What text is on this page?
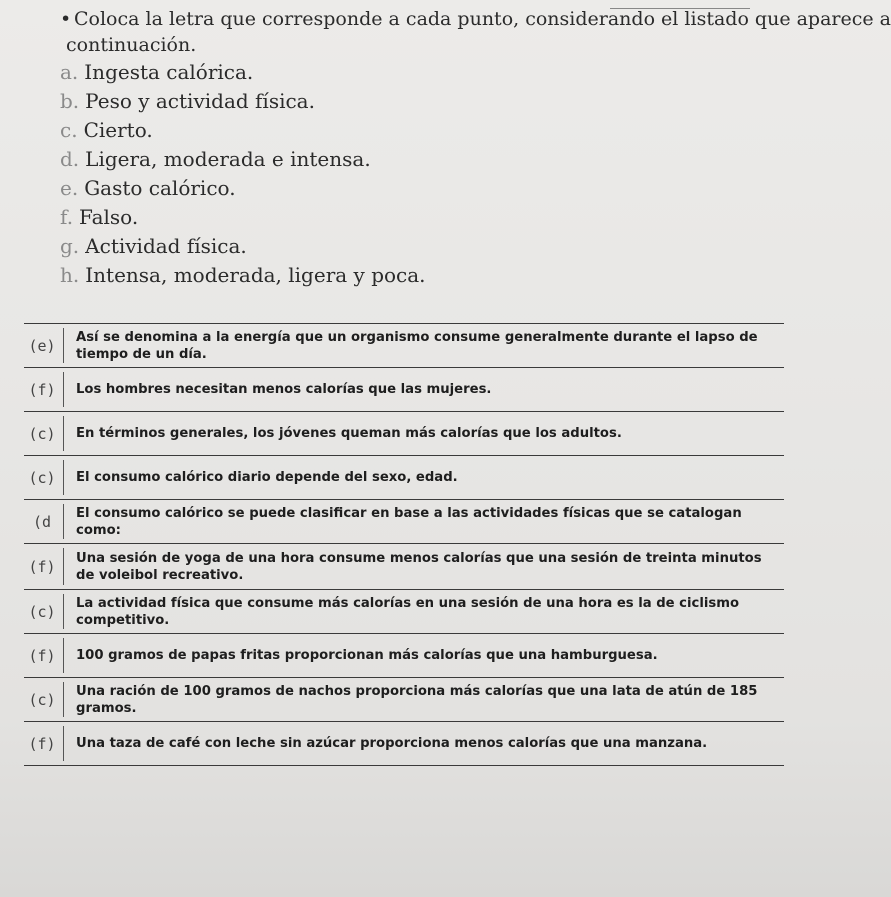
• Coloca la letra que corresponde a cada punto, considerando el listado que aparece a
continuación.
a. Ingesta calórica.
b. Peso y actividad física.
c. Cierto.
d. Ligera, moderada e intensa.
e. Gasto calórico.
f. Falso.
g. Actividad física.
h. Intensa, moderada, ligera y poca.
(e)	Así se denomina a la energía que un organismo consume generalmente durante el lapso de tiempo de un día.
(f)	Los hombres necesitan menos calorías que las mujeres.
(c)	En términos generales, los jóvenes queman más calorías que los adultos.
(c)	El consumo calórico diario depende del sexo, edad.
(d	El consumo calórico se puede clasificar en base a las actividades físicas que se catalogan como:
(f)	Una sesión de yoga de una hora consume menos calorías que una sesión de treinta minutos de voleibol recreativo.
(c)	La actividad física que consume más calorías en una sesión de una hora es la de ciclismo competitivo.
(f)	100 gramos de papas fritas proporcionan más calorías que una hamburguesa.
(c)	Una ración de 100 gramos de nachos proporciona más calorías que una lata de atún de 185 gramos.
(f)	Una taza de café con leche sin azúcar proporciona menos calorías que una manzana.
